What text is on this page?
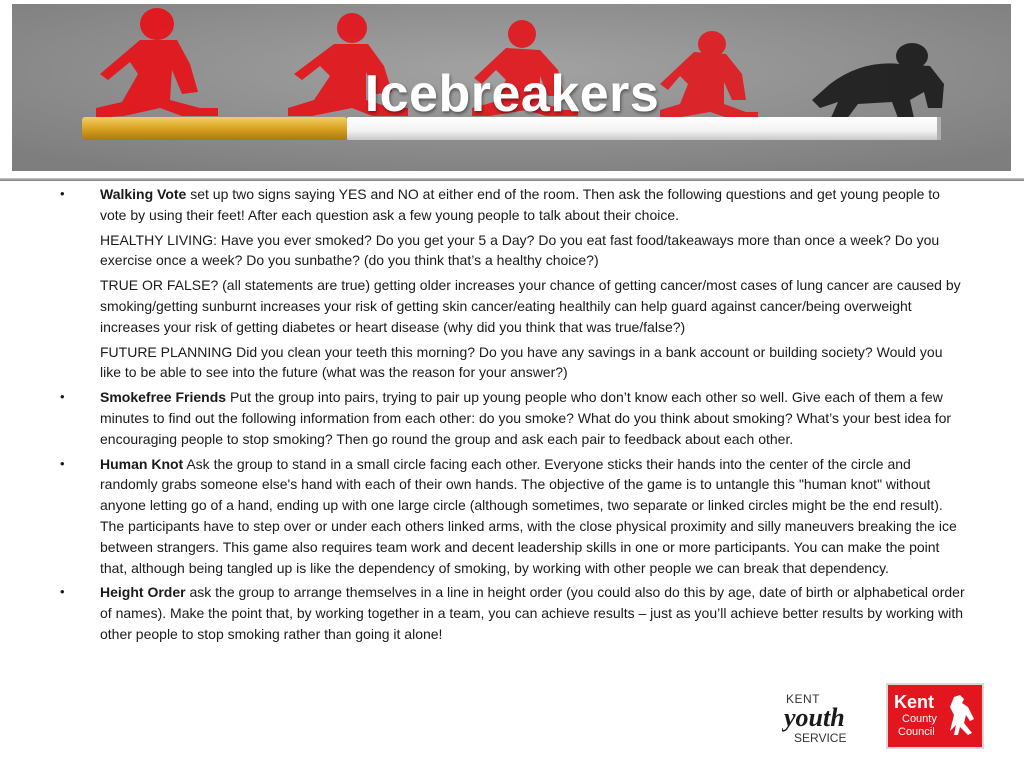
Icebreakers
•	Walking Vote set up two signs saying YES and NO at either end of the room. Then ask the following questions and get young people to vote by using their feet! After each question ask a few young people to talk about their choice.

HEALTHY LIVING: Have you ever smoked? Do you get your 5 a Day? Do you eat fast food/takeaways more than once a week? Do you exercise once a week? Do you sunbathe? (do you think that’s a healthy choice?)

TRUE OR FALSE? (all statements are true) getting older increases your chance of getting cancer/most cases of lung cancer are caused by smoking/getting sunburnt increases your risk of getting skin cancer/eating healthily can help guard against cancer/being overweight increases your risk of getting diabetes or heart disease (why did you think that was true/false?)

FUTURE PLANNING Did you clean your teeth this morning? Do you have any savings in a bank account or building society? Would you like to be able to see into the future (what was the reason for your answer?)

•	Smokefree Friends Put the group into pairs, trying to pair up young people who don’t know each other so well. Give each of them a few minutes to find out the following information from each other: do you smoke? What do you think about smoking? What’s your best idea for encouraging people to stop smoking? Then go round the group and ask each pair to feedback about each other.

•	Human Knot Ask the group to stand in a small circle facing each other. Everyone sticks their hands into the center of the circle and randomly grabs someone else's hand with each of their own hands. The objective of the game is to untangle this "human knot" without anyone letting go of a hand, ending up with one large circle (although sometimes, two separate or linked circles might be the end result). The participants have to step over or under each others linked arms, with the close physical proximity and silly maneuvers breaking the ice between strangers. This game also requires team work and decent leadership skills in one or more participants. You can make the point that, although being tangled up is like the dependency of smoking, by working with other people we can break that dependency.

•	Height Order ask the group to arrange themselves in a line in height order (you could also do this by age, date of birth or alphabetical order of names). Make the point that, by working together in a team, you can achieve results – just as you’ll achieve better results by working with other people to stop smoking rather than going it alone!

KENT
youth
SERVICE
Kent
County
Council
